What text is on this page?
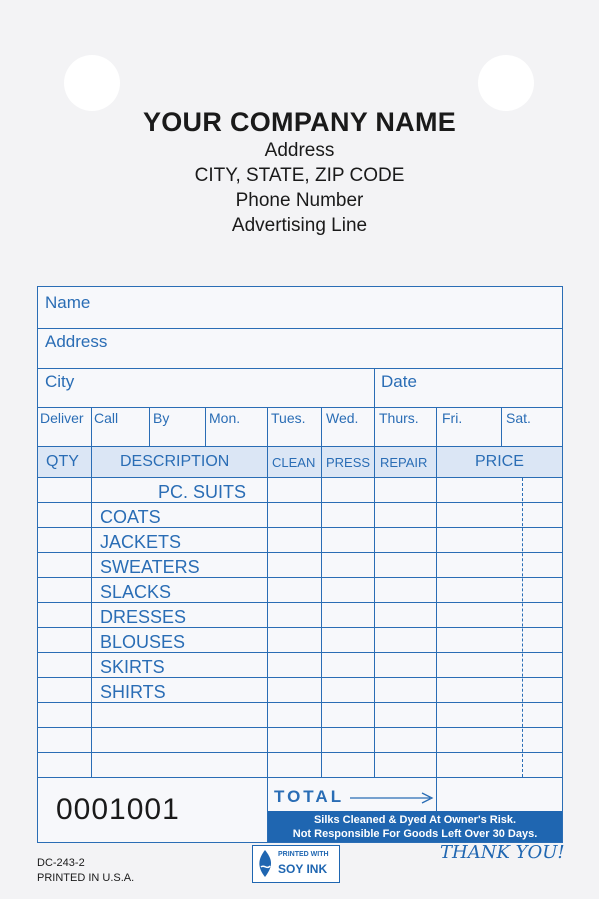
YOUR COMPANY NAME
Address
CITY, STATE, ZIP CODE
Phone Number
Advertising Line
Name
Address
City	Date
Deliver Call By	Mon. Tues. Wed. Thurs. Fri.	Sat.
QTY	DESCRIPTION	CLEAN PRESS REPAIR	PRICE
PC. SUITS
COATS
JACKETS
SWEATERS
SLACKS
DRESSES
BLOUSES
SKIRTS
SHIRTS
TOTAL
0001001	Silks Cleaned & Dyed At Owner's Risk.
Not Responsible For Goods Left Over 30 Days.
DC-243-2
PRINTED IN U.S.A.
PRINTED WITH
SOY INK
THANK YOU!
